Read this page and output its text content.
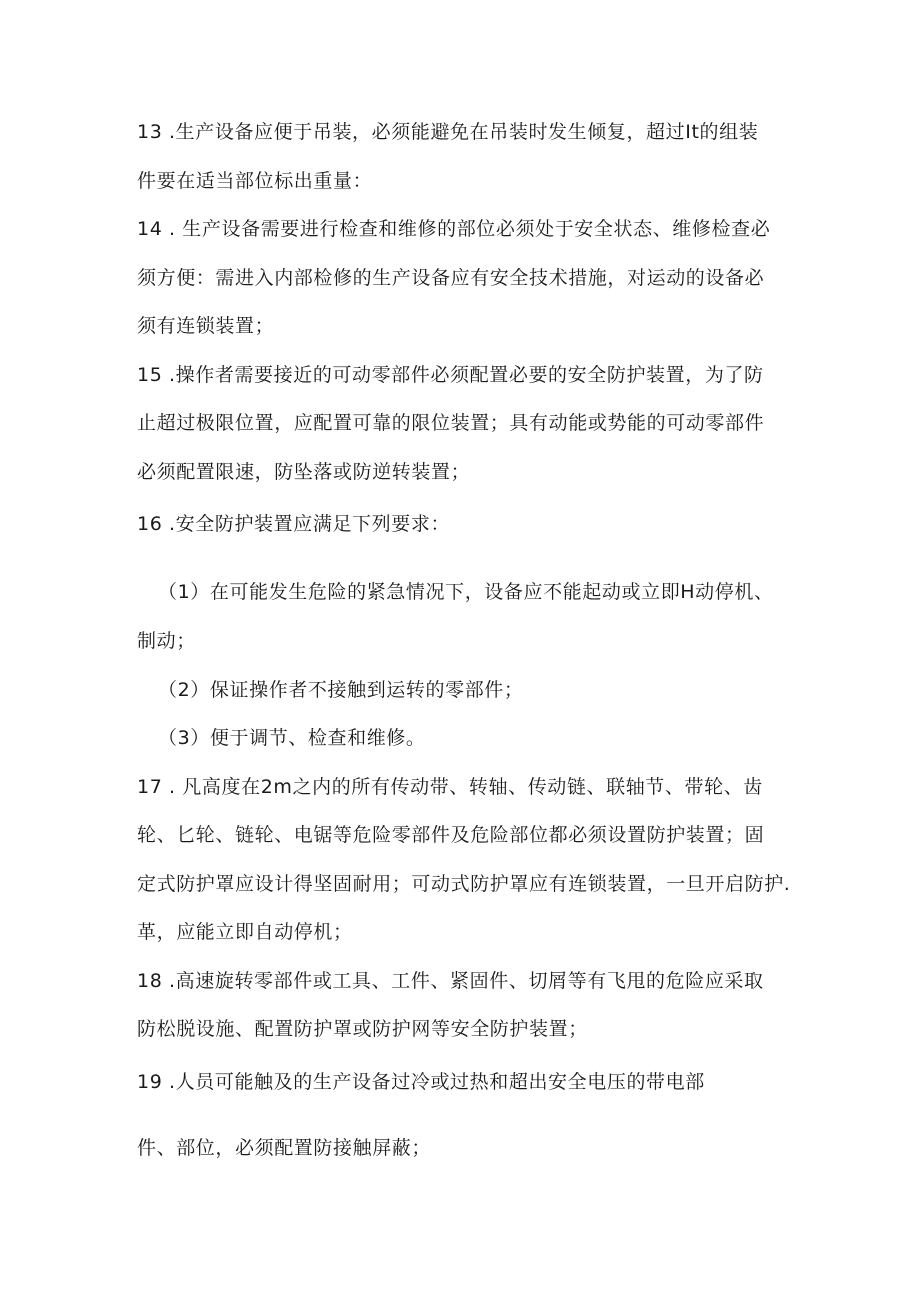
13 .生产设备应便于吊装，必须能避免在吊装时发生倾复，超过It的组装
件要在适当部位标出重量：
14 . 生产设备需要进行检查和维修的部位必须处于安全状态、维修检查必
须方便：需进入内部检修的生产设备应有安全技术措施，对运动的设备必
须有连锁装置；
15 .操作者需要接近的可动零部件必须配置必要的安全防护装置，为了防
止超过极限位置，应配置可靠的限位装置；具有动能或势能的可动零部件
必须配置限速，防坠落或防逆转装置；
16 .安全防护装置应满足下列要求：
（1）在可能发生危险的紧急情况下，设备应不能起动或立即H动停机、
制动；
（2）保证操作者不接触到运转的零部件；
（3）便于调节、检查和维修。
17 . 凡高度在2m之内的所有传动带、转轴、传动链、联轴节、带轮、齿
轮、匕轮、链轮、电锯等危险零部件及危险部位都必须设置防护装置；固
定式防护罩应设计得坚固耐用；可动式防护罩应有连锁装置，一旦开启防护.
革，应能立即自动停机；
18 .高速旋转零部件或工具、工件、紧固件、切屑等有飞甩的危险应采取
防松脱设施、配置防护罩或防护网等安全防护装置；
19 .人员可能触及的生产设备过冷或过热和超出安全电压的带电部
件、部位，必须配置防接触屏蔽；
